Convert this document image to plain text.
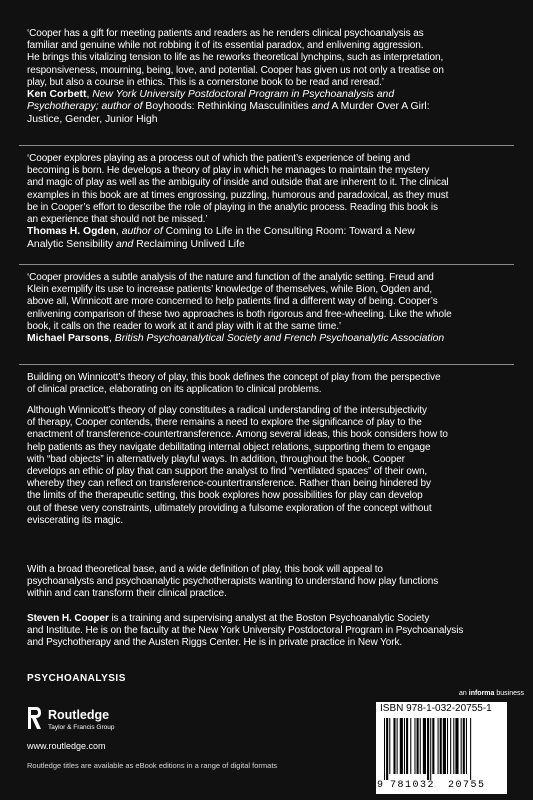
‘Cooper has a gift for meeting patients and readers as he renders clinical psychoanalysis as
familiar and genuine while not robbing it of its essential paradox, and enlivening aggression.
He brings this vitalizing tension to life as he reworks theoretical lynchpins, such as interpretation,
responsiveness, mourning, being, love, and potential. Cooper has given us not only a treatise on
play, but also a course in ethics. This is a cornerstone book to be read and reread.’
Ken Corbett, New York University Postdoctoral Program in Psychoanalysis and
Psychotherapy; author of Boyhoods: Rethinking Masculinities and A Murder Over A Girl:
Justice, Gender, Junior High
‘Cooper explores playing as a process out of which the patient’s experience of being and
becoming is born. He develops a theory of play in which he manages to maintain the mystery
and magic of play as well as the ambiguity of inside and outside that are inherent to it. The clinical
examples in this book are at times engrossing, puzzling, humorous and paradoxical, as they must
be in Cooper’s effort to describe the role of playing in the analytic process. Reading this book is
an experience that should not be missed.’
Thomas H. Ogden, author of Coming to Life in the Consulting Room: Toward a New
Analytic Sensibility and Reclaiming Unlived Life
‘Cooper provides a subtle analysis of the nature and function of the analytic setting. Freud and
Klein exemplify its use to increase patients’ knowledge of themselves, while Bion, Ogden and,
above all, Winnicott are more concerned to help patients find a different way of being. Cooper’s
enlivening comparison of these two approaches is both rigorous and free-wheeling. Like the whole
book, it calls on the reader to work at it and play with it at the same time.’
Michael Parsons, British Psychoanalytical Society and French Psychoanalytic Association
Building on Winnicott’s theory of play, this book defines the concept of play from the perspective
of clinical practice, elaborating on its application to clinical problems.
Although Winnicott’s theory of play constitutes a radical understanding of the intersubjectivity
of therapy, Cooper contends, there remains a need to explore the significance of play to the
enactment of transference-countertransference. Among several ideas, this book considers how to
help patients as they navigate debilitating internal object relations, supporting them to engage
with “bad objects” in alternatively playful ways. In addition, throughout the book, Cooper
develops an ethic of play that can support the analyst to find “ventilated spaces” of their own,
whereby they can reflect on transference-countertransference. Rather than being hindered by
the limits of the therapeutic setting, this book explores how possibilities for play can develop
out of these very constraints, ultimately providing a fulsome exploration of the concept without
eviscerating its magic.
With a broad theoretical base, and a wide definition of play, this book will appeal to
psychoanalysts and psychoanalytic psychotherapists wanting to understand how play functions
within and can transform their clinical practice.
Steven H. Cooper is a training and supervising analyst at the Boston Psychoanalytic Society
and Institute. He is on the faculty at the New York University Postdoctoral Program in Psychoanalysis
and Psychotherapy and the Austen Riggs Center. He is in private practice in New York.
PSYCHOANALYSIS
Routledge
Taylor & Francis Group
www.routledge.com
Routledge titles are available as eBook editions in a range of digital formats
an informa business
ISBN 978-1-032-20755-1
9 781032 20755
